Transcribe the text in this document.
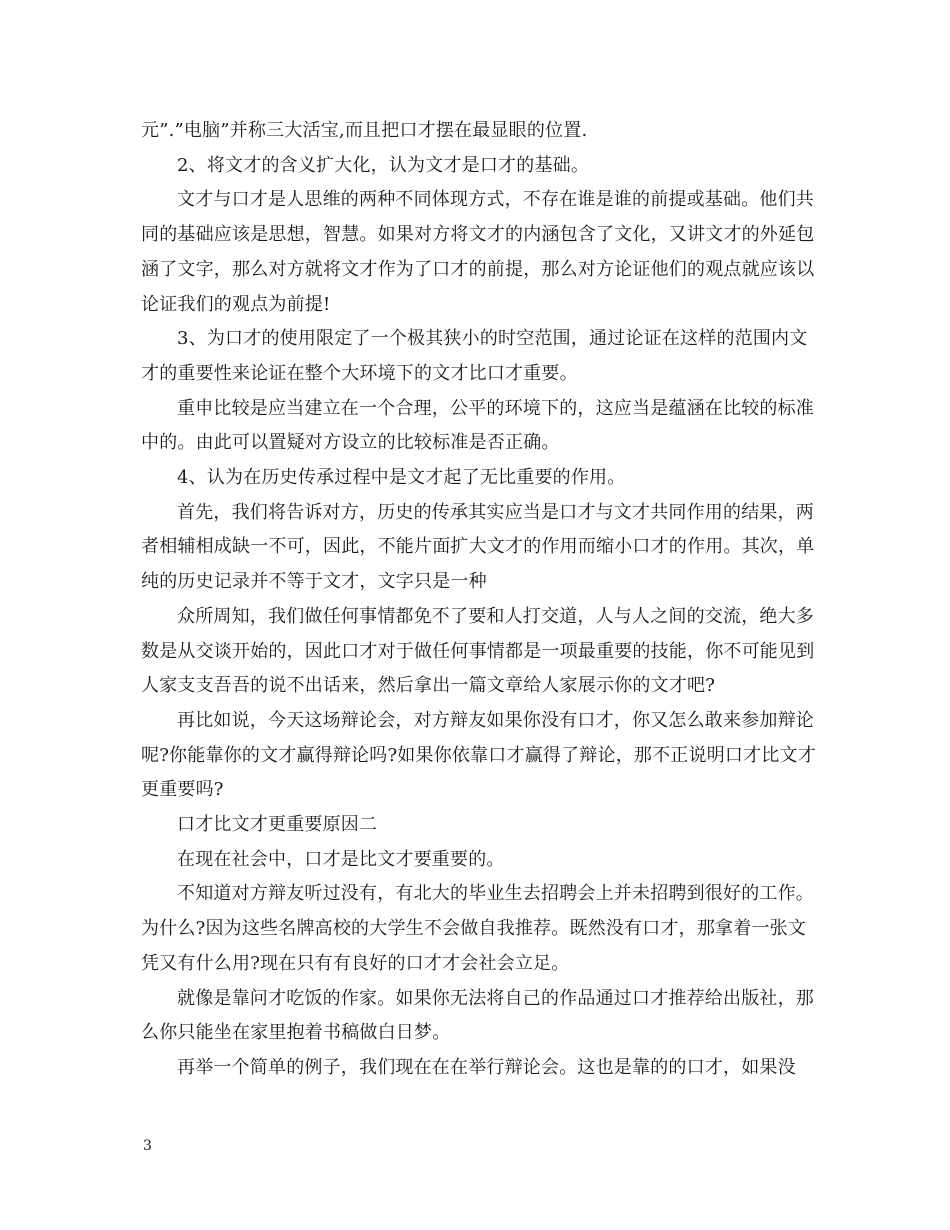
元”.”电脑”并称三大活宝,而且把口才摆在最显眼的位置.

2、将文才的含义扩大化，认为文才是口才的基础。

文才与口才是人思维的两种不同体现方式，不存在谁是谁的前提或基础。他们共同的基础应该是思想，智慧。如果对方将文才的内涵包含了文化，又讲文才的外延包涵了文字，那么对方就将文才作为了口才的前提，那么对方论证他们的观点就应该以论证我们的观点为前提!

3、为口才的使用限定了一个极其狭小的时空范围，通过论证在这样的范围内文才的重要性来论证在整个大环境下的文才比口才重要。

重申比较是应当建立在一个合理，公平的环境下的，这应当是蕴涵在比较的标准中的。由此可以置疑对方设立的比较标准是否正确。

4、认为在历史传承过程中是文才起了无比重要的作用。

首先，我们将告诉对方，历史的传承其实应当是口才与文才共同作用的结果，两者相辅相成缺一不可，因此，不能片面扩大文才的作用而缩小口才的作用。其次，单纯的历史记录并不等于文才，文字只是一种

众所周知，我们做任何事情都免不了要和人打交道，人与人之间的交流，绝大多数是从交谈开始的，因此口才对于做任何事情都是一项最重要的技能，你不可能见到人家支支吾吾的说不出话来，然后拿出一篇文章给人家展示你的文才吧?

再比如说，今天这场辩论会，对方辩友如果你没有口才，你又怎么敢来参加辩论呢?你能靠你的文才赢得辩论吗?如果你依靠口才赢得了辩论，那不正说明口才比文才更重要吗?

口才比文才更重要原因二

在现在社会中，口才是比文才要重要的。

不知道对方辩友听过没有，有北大的毕业生去招聘会上并未招聘到很好的工作。为什么?因为这些名牌高校的大学生不会做自我推荐。既然没有口才，那拿着一张文凭又有什么用?现在只有有良好的口才才会社会立足。

就像是靠问才吃饭的作家。如果你无法将自己的作品通过口才推荐给出版社，那么你只能坐在家里抱着书稿做白日梦。

再举一个简单的例子，我们现在在在举行辩论会。这也是靠的的口才，如果没

3
